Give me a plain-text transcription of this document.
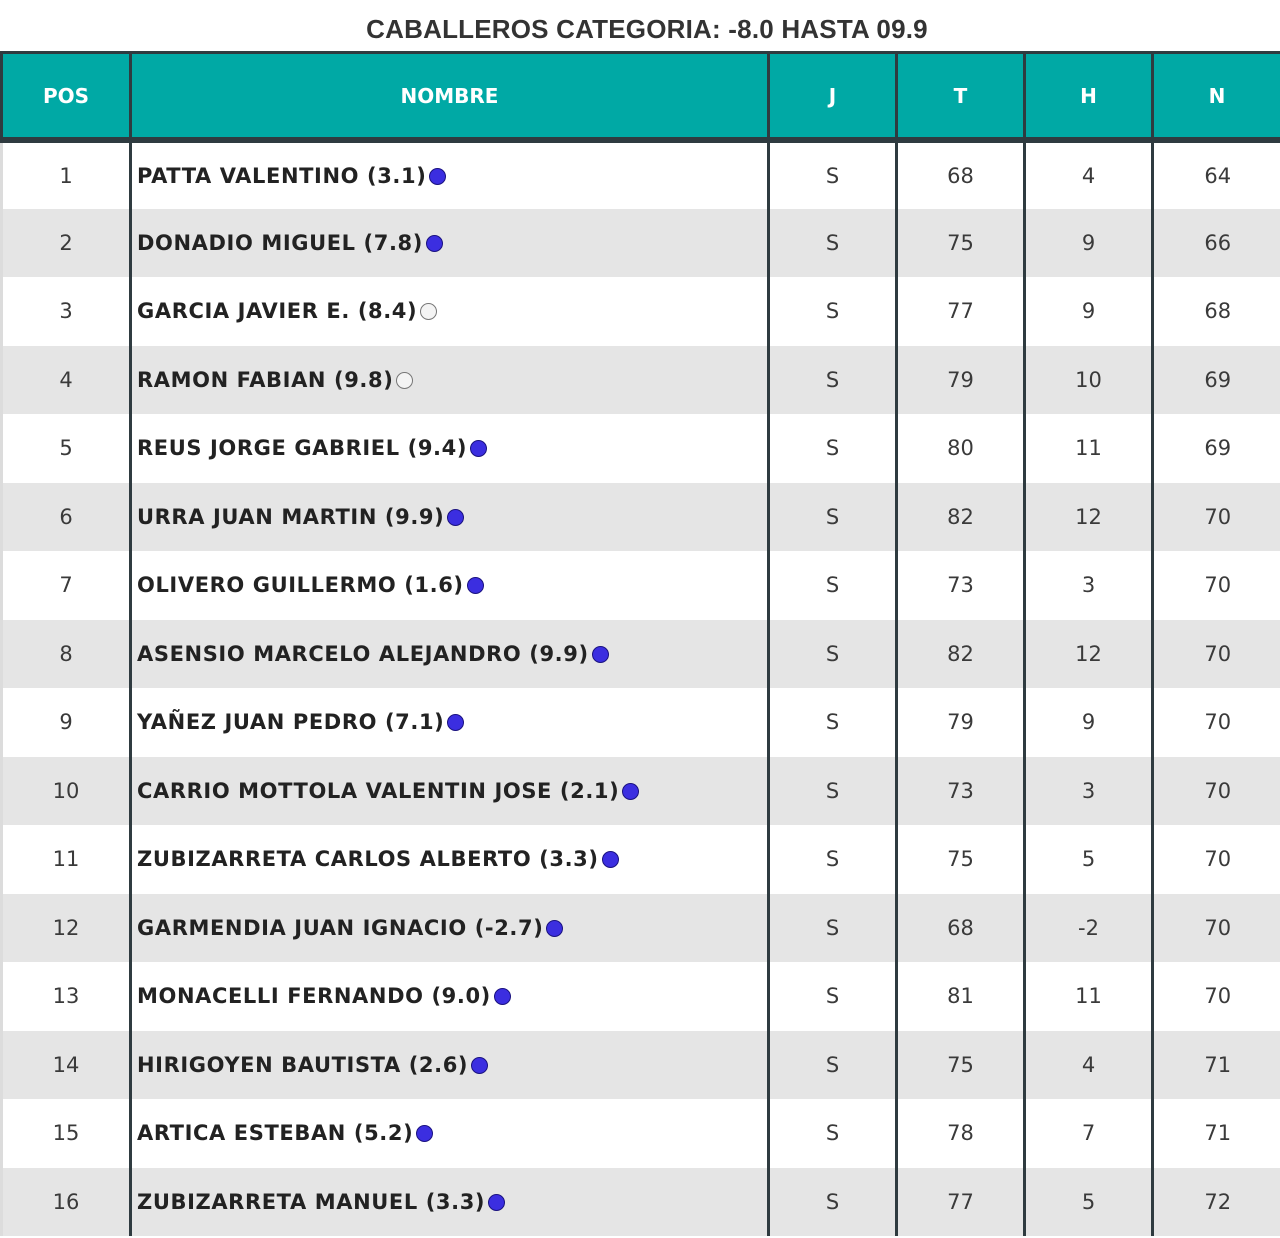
CABALLEROS CATEGORIA: -8.0 HASTA 09.9
POS	NOMBRE	J	T	H	N
1	PATTA VALENTINO (3.1)	S	68	4	64
2	DONADIO MIGUEL (7.8)	S	75	9	66
3	GARCIA JAVIER E. (8.4)	S	77	9	68
4	RAMON FABIAN (9.8)	S	79	10	69
5	REUS JORGE GABRIEL (9.4)	S	80	11	69
6	URRA JUAN MARTIN (9.9)	S	82	12	70
7	OLIVERO GUILLERMO (1.6)	S	73	3	70
8	ASENSIO MARCELO ALEJANDRO (9.9)	S	82	12	70
9	YAÑEZ JUAN PEDRO (7.1)	S	79	9	70
10	CARRIO MOTTOLA VALENTIN JOSE (2.1)	S	73	3	70
11	ZUBIZARRETA CARLOS ALBERTO (3.3)	S	75	5	70
12	GARMENDIA JUAN IGNACIO (-2.7)	S	68	-2	70
13	MONACELLI FERNANDO (9.0)	S	81	11	70
14	HIRIGOYEN BAUTISTA (2.6)	S	75	4	71
15	ARTICA ESTEBAN (5.2)	S	78	7	71
16	ZUBIZARRETA MANUEL (3.3)	S	77	5	72
